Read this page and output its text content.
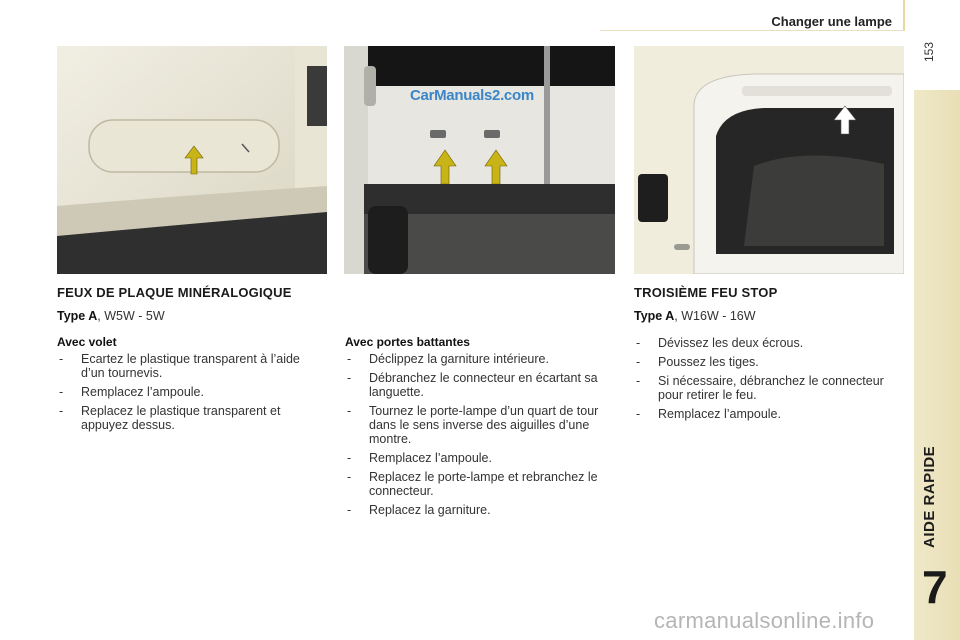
Changer une lampe
153
AIDE RAPIDE
7
CarManuals2.com
FEUX DE PLAQUE MINÉRALOGIQUE
Type A, W5W - 5W
Avec volet
- Ecartez le plastique transparent à l’aide d’un tournevis.
- Remplacez l’ampoule.
- Replacez le plastique transparent et appuyez dessus.
Avec portes battantes
- Déclippez la garniture intérieure.
- Débranchez le connecteur en écartant sa languette.
- Tournez le porte-lampe d’un quart de tour dans le sens inverse des aiguilles d’une montre.
- Remplacez l’ampoule.
- Replacez le porte-lampe et rebranchez le connecteur.
- Replacez la garniture.
TROISIÈME FEU STOP
Type A, W16W - 16W
- Dévissez les deux écrous.
- Poussez les tiges.
- Si nécessaire, débranchez le connecteur pour retirer le feu.
- Remplacez l’ampoule.
carmanualsonline.info
